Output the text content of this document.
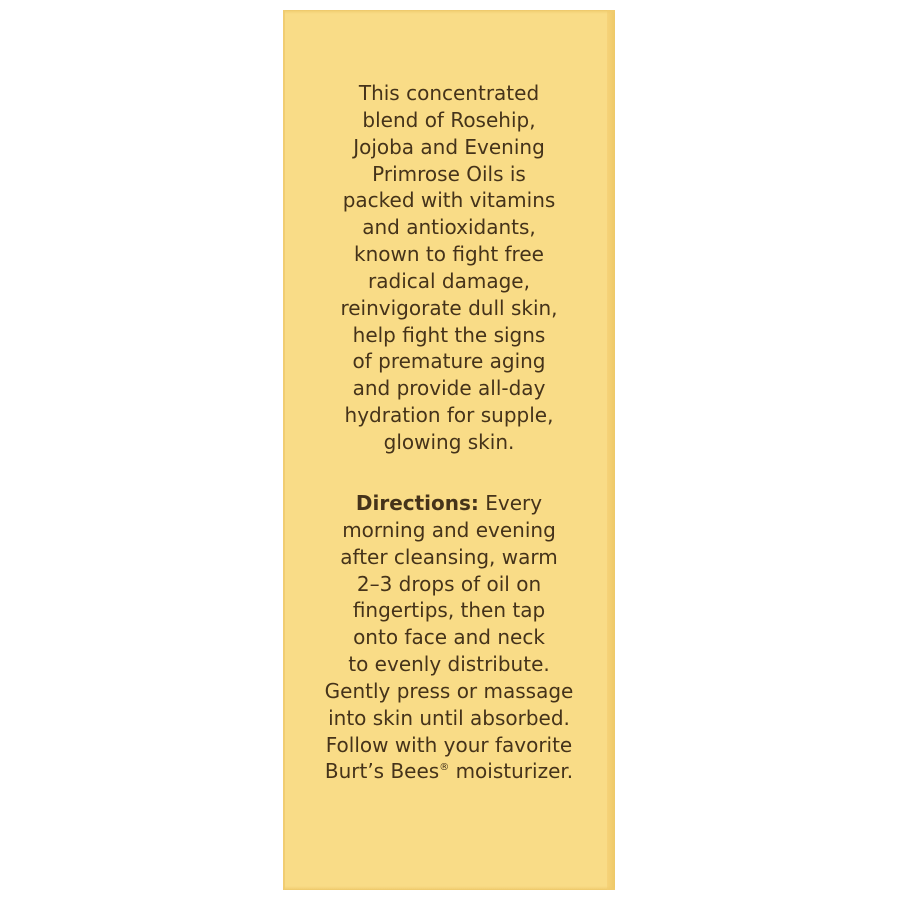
This concentrated
blend of Rosehip,
Jojoba and Evening
Primrose Oils is
packed with vitamins
and antioxidants,
known to fight free
radical damage,
reinvigorate dull skin,
help fight the signs
of premature aging
and provide all-day
hydration for supple,
glowing skin.
Directions: Every
morning and evening
after cleansing, warm
2–3 drops of oil on
fingertips, then tap
onto face and neck
to evenly distribute.
Gently press or massage
into skin until absorbed.
Follow with your favorite
Burt’s Bees® moisturizer.
